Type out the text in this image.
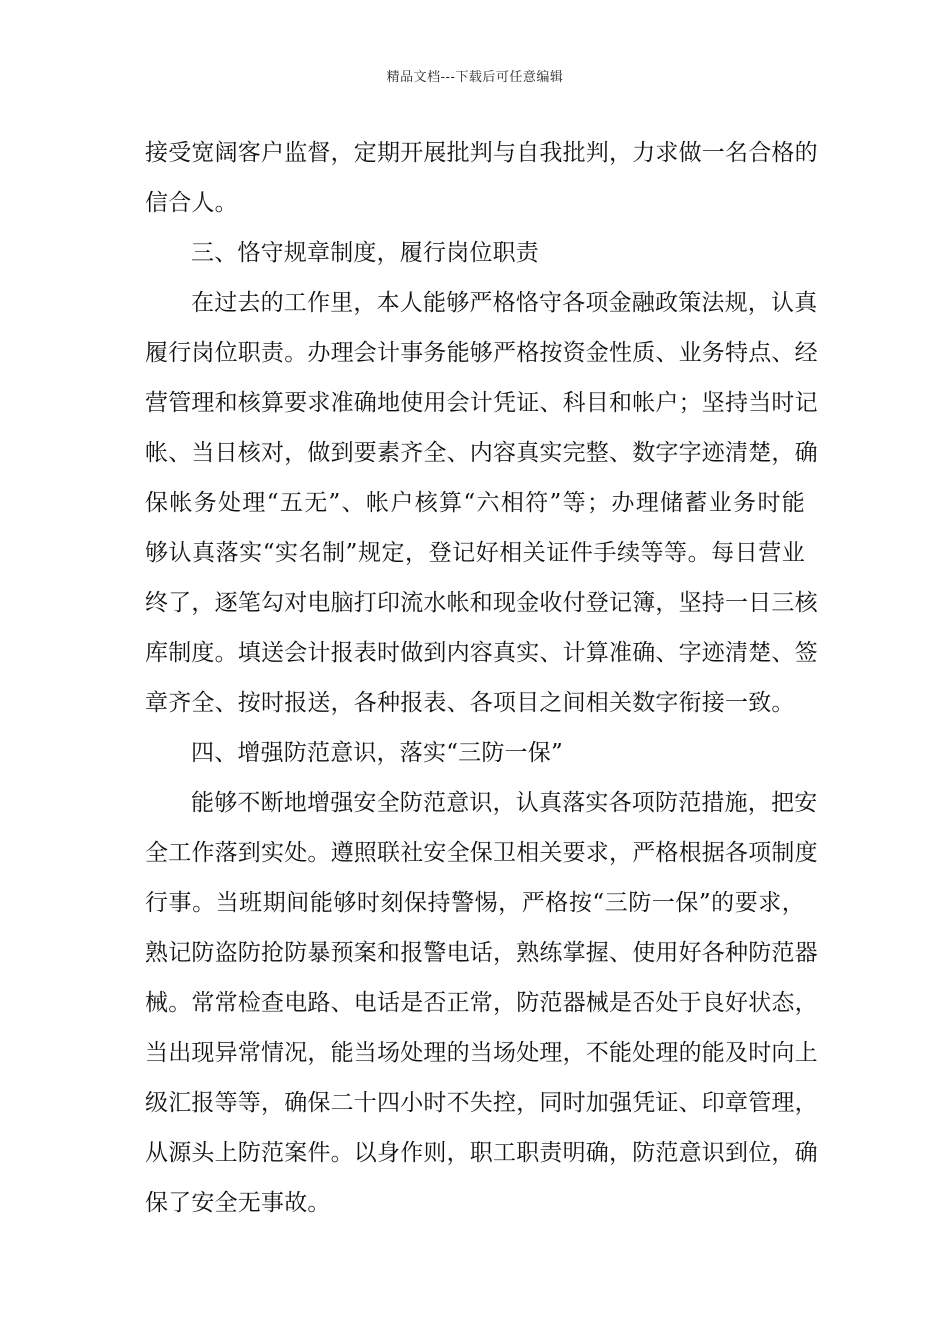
精品文档---下载后可任意编辑
接受宽阔客户监督，定期开展批判与自我批判，力求做一名合格的
信合人。
三、恪守规章制度，履行岗位职责
在过去的工作里，本人能够严格恪守各项金融政策法规，认真
履行岗位职责。办理会计事务能够严格按资金性质、业务特点、经
营管理和核算要求准确地使用会计凭证、科目和帐户；坚持当时记
帐、当日核对，做到要素齐全、内容真实完整、数字字迹清楚，确
保帐务处理“五无”、帐户核算“六相符”等；办理储蓄业务时能
够认真落实“实名制”规定，登记好相关证件手续等等。每日营业
终了，逐笔勾对电脑打印流水帐和现金收付登记簿，坚持一日三核
库制度。填送会计报表时做到内容真实、计算准确、字迹清楚、签
章齐全、按时报送，各种报表、各项目之间相关数字衔接一致。
四、增强防范意识，落实“三防一保”
能够不断地增强安全防范意识，认真落实各项防范措施，把安
全工作落到实处。遵照联社安全保卫相关要求，严格根据各项制度
行事。当班期间能够时刻保持警惕，严格按“三防一保”的要求，
熟记防盗防抢防暴预案和报警电话，熟练掌握、使用好各种防范器
械。常常检查电路、电话是否正常，防范器械是否处于良好状态，
当出现异常情况，能当场处理的当场处理，不能处理的能及时向上
级汇报等等，确保二十四小时不失控，同时加强凭证、印章管理，
从源头上防范案件。以身作则，职工职责明确，防范意识到位，确
保了安全无事故。
